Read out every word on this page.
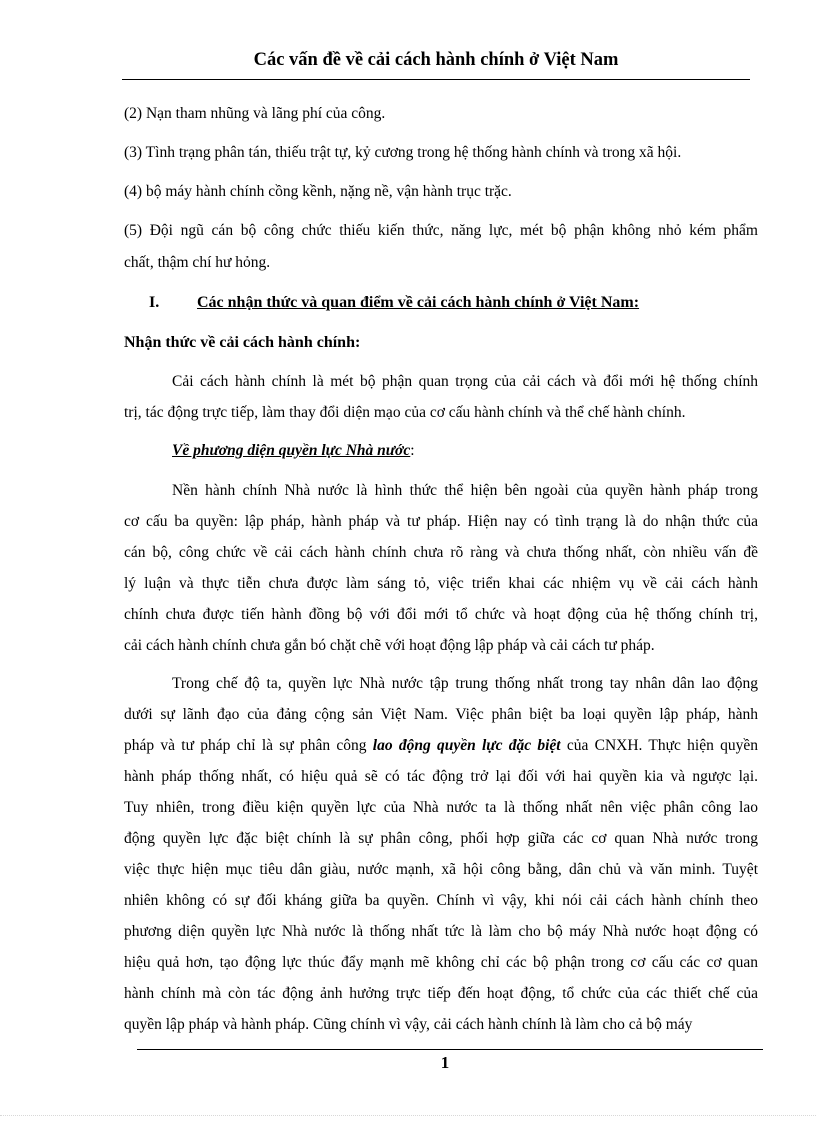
Các vấn đề về cải cách hành chính ở Việt Nam
(2) Nạn tham nhũng và lãng phí của công.
(3) Tình trạng phân tán, thiếu trật tự, kỷ cương trong hệ thống hành chính và trong xã hội.
(4) bộ máy hành chính cồng kềnh, nặng nề, vận hành trục trặc.
(5) Đội ngũ cán bộ công chức thiếu kiến thức, năng lực, mét bộ phận không nhỏ kém phẩm
chất, thậm chí hư hỏng.
I. Các nhận thức và quan điểm về cải cách hành chính ở Việt Nam:
Nhận thức về cải cách hành chính:
Cải cách hành chính là mét bộ phận quan trọng của cải cách và đổi mới hệ thống chính
trị, tác động trực tiếp, làm thay đổi diện mạo của cơ cấu hành chính và thể chế hành chính.
Về phương diện quyền lực Nhà nước:
Nền hành chính Nhà nước là hình thức thể hiện bên ngoài của quyền hành pháp trong
cơ cấu ba quyền: lập pháp, hành pháp và tư pháp. Hiện nay có tình trạng là do nhận thức của
cán bộ, công chức về cải cách hành chính chưa rõ ràng và chưa thống nhất, còn nhiều vấn đề
lý luận và thực tiễn chưa được làm sáng tỏ, việc triển khai các nhiệm vụ về cải cách hành
chính chưa được tiến hành đồng bộ với đổi mới tổ chức và hoạt động của hệ thống chính trị,
cải cách hành chính chưa gắn bó chặt chẽ với hoạt động lập pháp và cải cách tư pháp.
Trong chế độ ta, quyền lực Nhà nước tập trung thống nhất trong tay nhân dân lao động
dưới sự lãnh đạo của đảng cộng sản Việt Nam. Việc phân biệt ba loại quyền lập pháp, hành
pháp và tư pháp chỉ là sự phân công lao động quyền lực đặc biệt của CNXH. Thực hiện quyền
hành pháp thống nhất, có hiệu quả sẽ có tác động trở lại đối với hai quyền kia và ngược lại.
Tuy nhiên, trong điều kiện quyền lực của Nhà nước ta là thống nhất nên việc phân công lao
động quyền lực đặc biệt chính là sự phân công, phối hợp giữa các cơ quan Nhà nước trong
việc thực hiện mục tiêu dân giàu, nước mạnh, xã hội công bằng, dân chủ và văn minh. Tuyệt
nhiên không có sự đối kháng giữa ba quyền. Chính vì vậy, khi nói cải cách hành chính theo
phương diện quyền lực Nhà nước là thống nhất tức là làm cho bộ máy Nhà nước hoạt động có
hiệu quả hơn, tạo động lực thúc đẩy mạnh mẽ không chỉ các bộ phận trong cơ cấu các cơ quan
hành chính mà còn tác động ảnh hưởng trực tiếp đến hoạt động, tổ chức của các thiết chế của
quyền lập pháp và hành pháp. Cũng chính vì vậy, cải cách hành chính là làm cho cả bộ máy
1
